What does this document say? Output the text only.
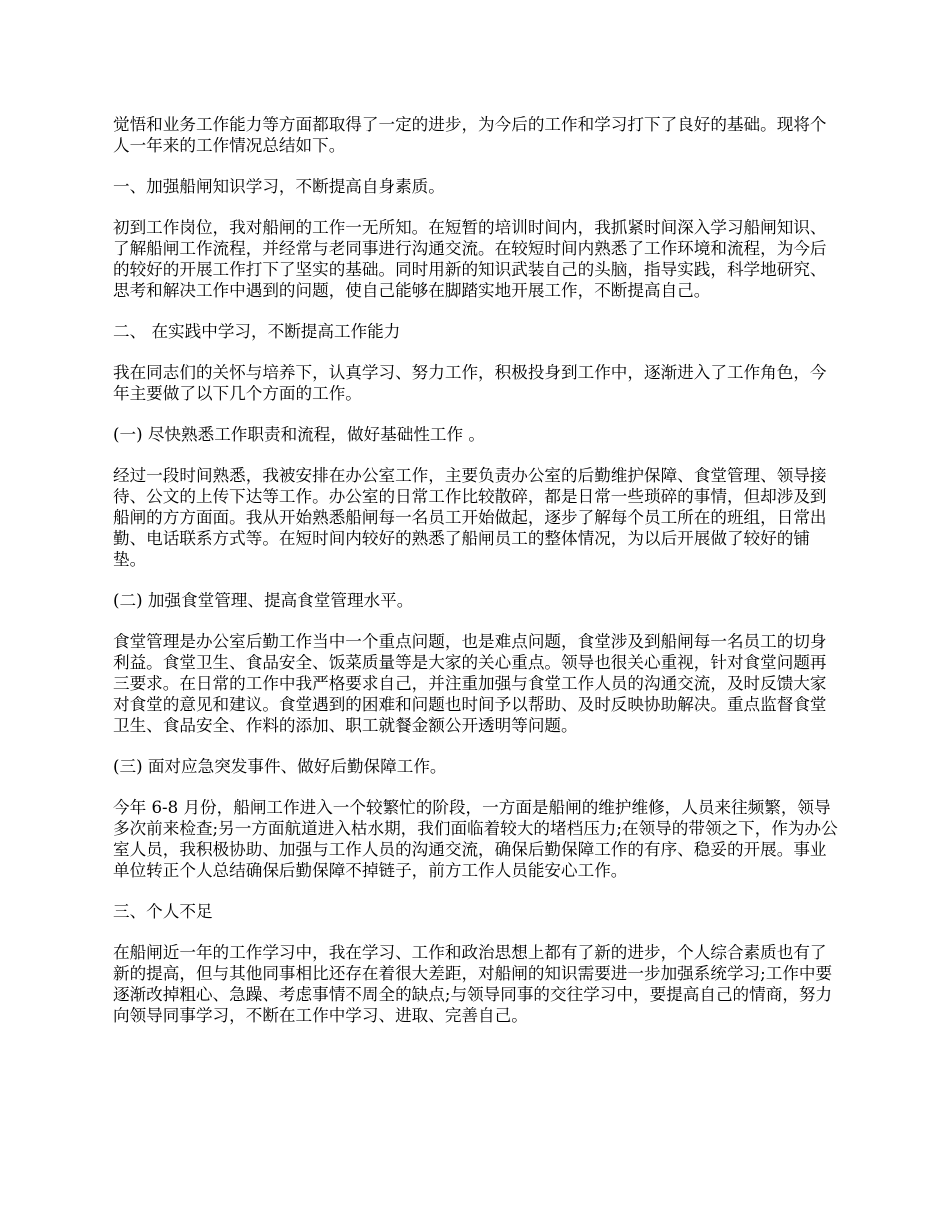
觉悟和业务工作能力等方面都取得了一定的进步，为今后的工作和学习打下了良好的基础。现将个人一年来的工作情况总结如下。

一、加强船闸知识学习，不断提高自身素质。

初到工作岗位，我对船闸的工作一无所知。在短暂的培训时间内，我抓紧时间深入学习船闸知识、了解船闸工作流程，并经常与老同事进行沟通交流。在较短时间内熟悉了工作环境和流程，为今后的较好的开展工作打下了坚实的基础。同时用新的知识武装自己的头脑，指导实践，科学地研究、思考和解决工作中遇到的问题，使自己能够在脚踏实地开展工作，不断提高自己。

二、 在实践中学习，不断提高工作能力

我在同志们的关怀与培养下，认真学习、努力工作，积极投身到工作中，逐渐进入了工作角色，今年主要做了以下几个方面的工作。

(一) 尽快熟悉工作职责和流程，做好基础性工作 。

经过一段时间熟悉，我被安排在办公室工作，主要负责办公室的后勤维护保障、食堂管理、领导接待、公文的上传下达等工作。办公室的日常工作比较散碎，都是日常一些琐碎的事情，但却涉及到船闸的方方面面。我从开始熟悉船闸每一名员工开始做起，逐步了解每个员工所在的班组，日常出勤、电话联系方式等。在短时间内较好的熟悉了船闸员工的整体情况，为以后开展做了较好的铺垫。

(二) 加强食堂管理、提高食堂管理水平。

食堂管理是办公室后勤工作当中一个重点问题，也是难点问题，食堂涉及到船闸每一名员工的切身利益。食堂卫生、食品安全、饭菜质量等是大家的关心重点。领导也很关心重视，针对食堂问题再三要求。在日常的工作中我严格要求自己，并注重加强与食堂工作人员的沟通交流，及时反馈大家对食堂的意见和建议。食堂遇到的困难和问题也时间予以帮助、及时反映协助解决。重点监督食堂卫生、食品安全、作料的添加、职工就餐金额公开透明等问题。

(三) 面对应急突发事件、做好后勤保障工作。

今年 6-8 月份，船闸工作进入一个较繁忙的阶段，一方面是船闸的维护维修，人员来往频繁，领导多次前来检查;另一方面航道进入枯水期，我们面临着较大的堵档压力;在领导的带领之下，作为办公室人员，我积极协助、加强与工作人员的沟通交流，确保后勤保障工作的有序、稳妥的开展。事业单位转正个人总结确保后勤保障不掉链子，前方工作人员能安心工作。

三、个人不足

在船闸近一年的工作学习中，我在学习、工作和政治思想上都有了新的进步，个人综合素质也有了新的提高，但与其他同事相比还存在着很大差距，对船闸的知识需要进一步加强系统学习;工作中要逐渐改掉粗心、急躁、考虑事情不周全的缺点;与领导同事的交往学习中，要提高自己的情商，努力向领导同事学习，不断在工作中学习、进取、完善自己。
